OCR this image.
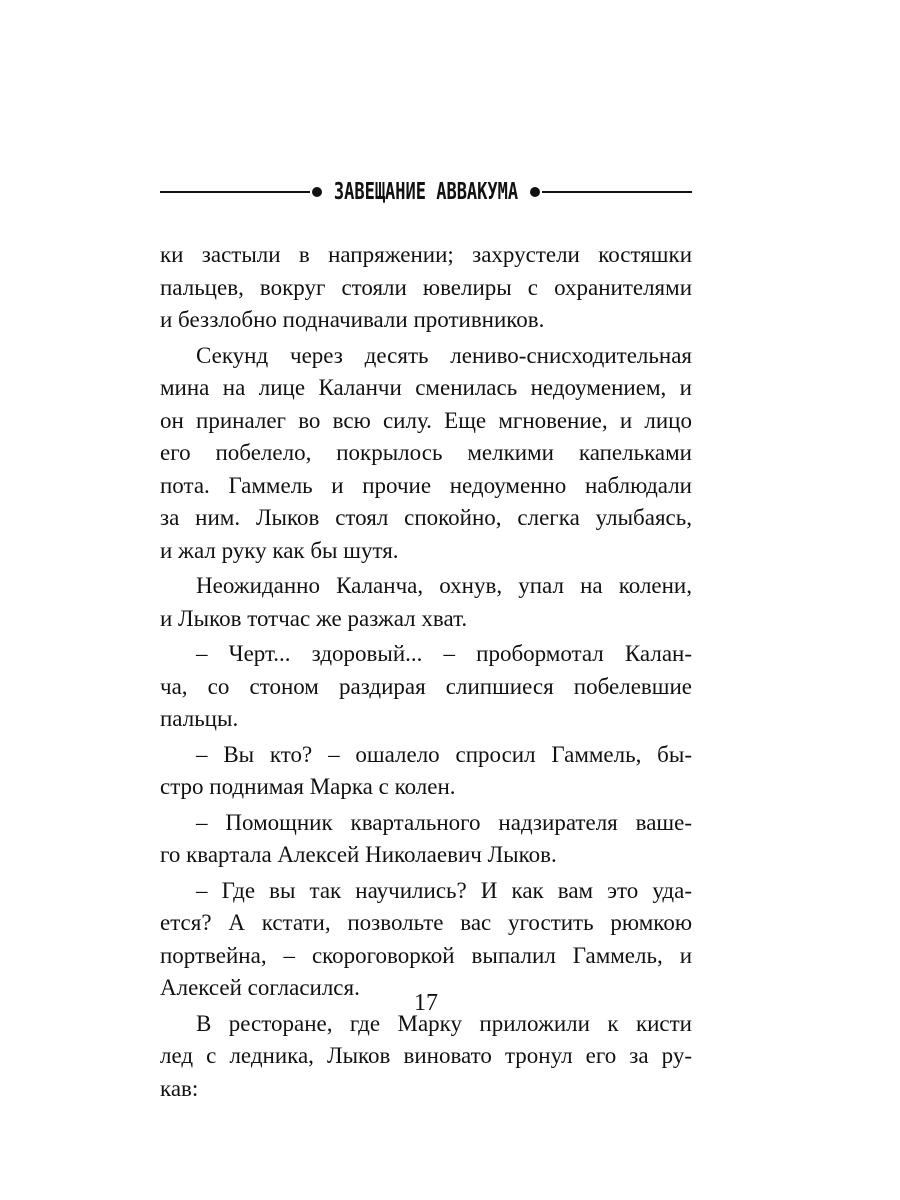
ЗАВЕЩАНИЕ АВВАКУМА
ки застыли в напряжении; захрустели костяшки
пальцев, вокруг стояли ювелиры с охранителями
и беззлобно подначивали противников.
Секунд через десять лениво-снисходительная
мина на лице Каланчи сменилась недоумением, и
он приналег во всю силу. Еще мгновение, и лицо
его побелело, покрылось мелкими капельками
пота. Гаммель и прочие недоуменно наблюдали
за ним. Лыков стоял спокойно, слегка улыбаясь,
и жал руку как бы шутя.
Неожиданно Каланча, охнув, упал на колени,
и Лыков тотчас же разжал хват.
– Черт... здоровый... – пробормотал Калан-
ча, со стоном раздирая слипшиеся побелевшие
пальцы.
– Вы кто? – ошалело спросил Гаммель, бы-
стро поднимая Марка с колен.
– Помощник квартального надзирателя ваше-
го квартала Алексей Николаевич Лыков.
– Где вы так научились? И как вам это уда-
ется? А кстати, позвольте вас угостить рюмкою
портвейна, – скороговоркой выпалил Гаммель, и
Алексей согласился.
В ресторане, где Марку приложили к кисти
лед с ледника, Лыков виновато тронул его за ру-
кав:
17
